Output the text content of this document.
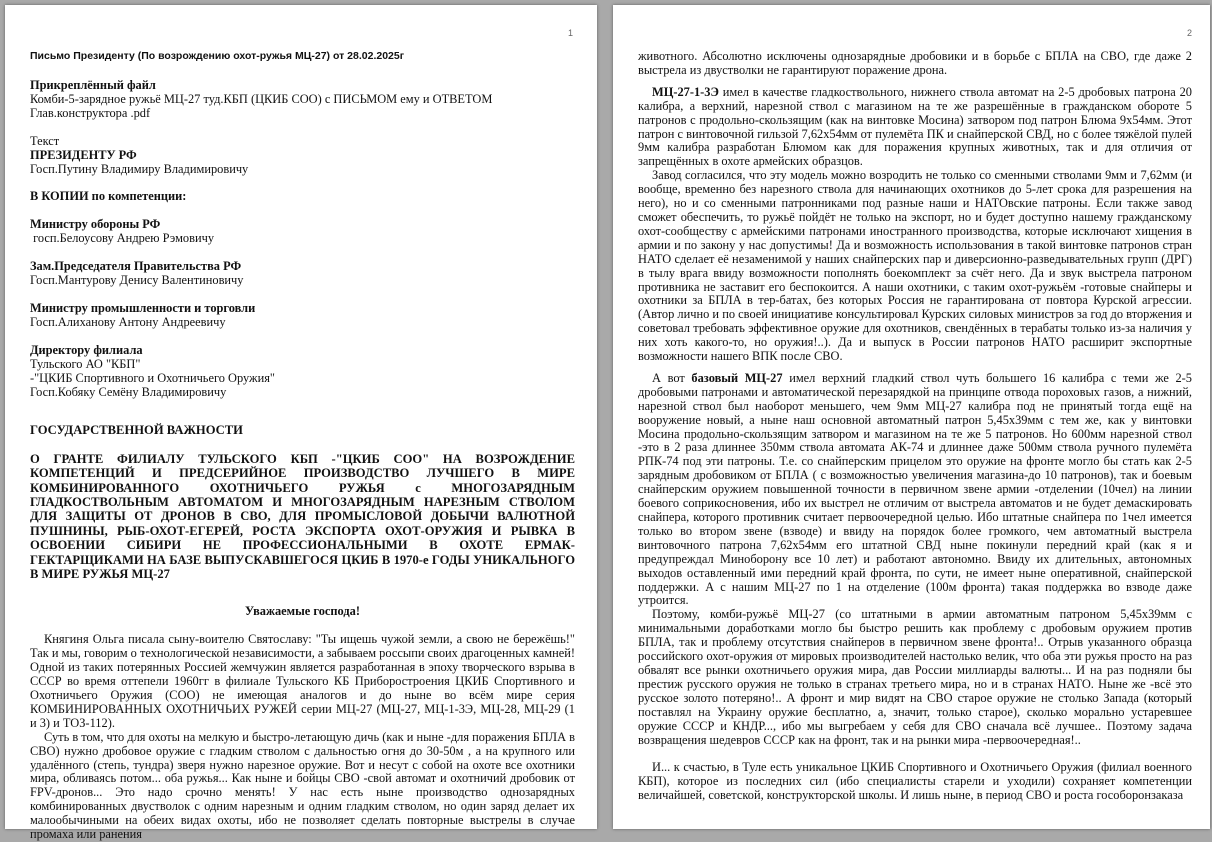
1

Письмо Президенту (По возрождению охот-ружья МЦ-27) от 28.02.2025г

Прикреплённый файл

Комби-5-зарядное ружьё МЦ-27 туд.КБП (ЦКИБ СОО) с ПИСЬМОМ ему и ОТВЕТОМ

Глав.конструктора .pdf

Текст

ПРЕЗИДЕНТУ РФ

Госп.Путину Владимиру Владимировичу

В КОПИИ по компетенции:

Министру обороны РФ

госп.Белоусову Андрею Рэмовичу

Зам.Председателя Правительства РФ

Госп.Мантурову Денису Валентиновичу

Министру промышленности и торговли

Госп.Алиханову Антону Андреевичу

Директору филиала

Тульского АО "КБП"

-"ЦКИБ Спортивного и Охотничьего Оружия"

Госп.Кобяку Семёну Владимировичу

ГОСУДАРСТВЕННОЙ ВАЖНОСТИ

О ГРАНТЕ ФИЛИАЛУ ТУЛЬСКОГО КБП -"ЦКИБ СОО" НА ВОЗРОЖДЕНИЕ КОМПЕТЕНЦИЙ И ПРЕДСЕРИЙНОЕ ПРОИЗВОДСТВО ЛУЧШЕГО В МИРЕ КОМБИНИРОВАННОГО ОХОТНИЧЬЕГО РУЖЬЯ с МНОГОЗАРЯДНЫМ ГЛАДКОСТВОЛЬНЫМ АВТОМАТОМ И МНОГОЗАРЯДНЫМ НАРЕЗНЫМ СТВОЛОМ ДЛЯ ЗАЩИТЫ ОТ ДРОНОВ В СВО, ДЛЯ ПРОМЫСЛОВОЙ ДОБЫЧИ ВАЛЮТНОЙ ПУШНИНЫ, РЫБ-ОХОТ-ЕГЕРЕЙ, РОСТА ЭКСПОРТА ОХОТ-ОРУЖИЯ И РЫВКА В ОСВОЕНИИ СИБИРИ НЕ ПРОФЕССИОНАЛЬНЫМИ В ОХОТЕ ЕРМАК-ГЕКТАРЩИКАМИ НА БАЗЕ ВЫПУСКАВШЕГОСЯ ЦКИБ В 1970-е ГОДЫ УНИКАЛЬНОГО В МИРЕ РУЖЬЯ МЦ-27

Уважаемые господа!

Княгиня Ольга писала сыну-воителю Святославу: "Ты ищешь чужой земли, а свою не бережёшь!" Так и мы, говорим о технологической независимости, а забываем россыпи своих драгоценных камней! Одной из таких потерянных Россией жемчужин является разработанная в эпоху творческого взрыва в СССР во время оттепели 1960гг в филиале Тульского КБ Приборостроения ЦКИБ Спортивного и Охотничьего Оружия (СОО) не имеющая аналогов и до ныне во всём мире серия КОМБИНИРОВАННЫХ ОХОТНИЧЬИХ РУЖЕЙ серии МЦ-27 (МЦ-27, МЦ-1-3Э, МЦ-28, МЦ-29 (1 и 3) и ТОЗ-112).

Суть в том, что для охоты на мелкую и быстро-летающую дичь (как и ныне -для поражения БПЛА в СВО) нужно дробовое оружие с гладким стволом с дальностью огня до 30-50м , а на крупного или удалённого (степь, тундра) зверя нужно нарезное оружие. Вот и несут с собой на охоте все охотники мира, обливаясь потом... оба ружья... Как ныне и бойцы СВО -свой автомат и охотничий дробовик от FPV-дронов... Это надо срочно менять! У нас есть ныне производство однозарядных комбинированных двустволок с одним нарезным и одним гладким стволом, но один заряд делает их малообычиными на обеих видах охоты, ибо не позволяет сделать повторные выстрелы в случае промаха или ранения

2

животного. Абсолютно исключены однозарядные дробовики и в борьбе с БПЛА на СВО, где даже 2 выстрела из двустволки не гарантируют поражение дрона.

МЦ-27-1-3Э имел в качестве гладкоствольного, нижнего ствола автомат на 2-5 дробовых патрона 20 калибра, а верхний, нарезной ствол с магазином на те же разрешённые в гражданском обороте 5 патронов с продольно-скользящим (как на винтовке Мосина) затвором под патрон Блюма 9х54мм. Этот патрон с винтовочной гильзой 7,62х54мм от пулемёта ПК и снайперской СВД, но с более тяжёлой пулей 9мм калибра разработан Блюмом как для поражения крупных животных, так и для отличия от запрещённых в охоте армейских образцов.

Завод согласился, что эту модель можно возродить не только со сменными стволами 9мм и 7,62мм (и вообще, временно без нарезного ствола для начинающих охотников до 5-лет срока для разрешения на него), но и со сменными патронниками под разные наши и НАТОвские патроны. Если также завод сможет обеспечить, то ружьё пойдёт не только на экспорт, но и будет доступно нашему гражданскому охот-сообществу с армейскими патронами иностранного производства, которые исключают хищения в армии и по закону у нас допустимы! Да и возможность использования в такой винтовке патронов стран НАТО сделает её незаменимой у наших снайперских пар и диверсионно-разведывательных групп (ДРГ) в тылу врага ввиду возможности пополнять боекомплект за счёт него. Да и звук выстрела патроном противника не заставит его беспокоится. А наши охотники, с таким охот-ружьём -готовые снайперы и охотники за БПЛА в тер-батах, без которых Россия не гарантирована от повтора Курской агрессии. (Автор лично и по своей инициативе консультировал Курских силовых министров за год до вторжения и советовал требовать эффективное оружие для охотников, свендённых в терабаты только из-за наличия у них хоть какого-то, но оружия!..). Да и выпуск в России патронов НАТО расширит экспортные возможности нашего ВПК после СВО.

А вот базовый МЦ-27 имел верхний гладкий ствол чуть большего 16 калибра с теми же 2-5 дробовыми патронами и автоматической перезарядкой на принципе отвода пороховых газов, а нижний, нарезной ствол был наоборот меньшего, чем 9мм МЦ-27 калибра под не принятый тогда ещё на вооружение новый, а ныне наш основной автоматный патрон 5,45х39мм с тем же, как у винтовки Мосина продольно-скользящим затвором и магазином на те же 5 патронов. Но 600мм нарезной ствол -это в 2 раза длиннее 350мм ствола автомата АК-74 и длиннее даже 500мм ствола ручного пулемёта РПК-74 под эти патроны. Т.е. со снайперским прицелом это оружие на фронте могло бы стать как 2-5 зарядным дробовиком от БПЛА ( с возможностью увеличения магазина-до 10 патронов), так и боевым снайперским оружием повышенной точности в первичном звене армии -отделении (10чел) на линии боевого соприкосновения, ибо их выстрел не отличим от выстрела автоматов и не будет демаскировать снайпера, которого противник считает первоочередной целью. Ибо штатные снайпера по 1чел имеется только во втором звене (взводе) и ввиду на порядок более громкого, чем автоматный выстрела винтовочного патрона 7,62х54мм его штатной СВД ныне покинули передний край (как я и предупреждал Миноборону все 10 лет) и работают автономно. Ввиду их длительных, автономных выходов оставленный ими передний край фронта, по сути, не имеет ныне оперативной, снайперской поддержки. А с нашим МЦ-27 по 1 на отделение (100м фронта) такая поддержка во взводе даже утроится.

Поэтому, комби-ружьё МЦ-27 (со штатными в армии автоматным патроном 5,45х39мм с минимальными доработками могло бы быстро решить как проблему с дробовым оружием против БПЛА, так и проблему отсутствия снайперов в первичном звене фронта!.. Отрыв указанного образца российского охот-оружия от мировых производителей настолько велик, что оба эти ружья просто на раз обвалят все рынки охотничьего оружия мира, дав России миллиарды валюты... И на раз подняли бы престиж русского оружия не только в странах третьего мира, но и в странах НАТО. Ныне же -всё это русское золото потеряно!.. А фронт и мир видят на СВО старое оружие не столько Запада (который поставлял на Украину оружие бесплатно, а, значит, только старое), сколько морально устаревшее оружие СССР и КНДР..., ибо мы выгребаем у себя для СВО сначала всё лучшее.. Поэтому задача возвращения шедевров СССР как на фронт, так и на рынки мира -первоочередная!..

И... к счастью, в Туле есть уникальное ЦКИБ Спортивного и Охотничьего Оружия (филиал военного КБП), которое из последних сил (ибо специалисты старели и уходили) сохраняет компетенции величайшей, советской, конструкторской школы. И лишь ныне, в период СВО и роста гособоронзаказа
